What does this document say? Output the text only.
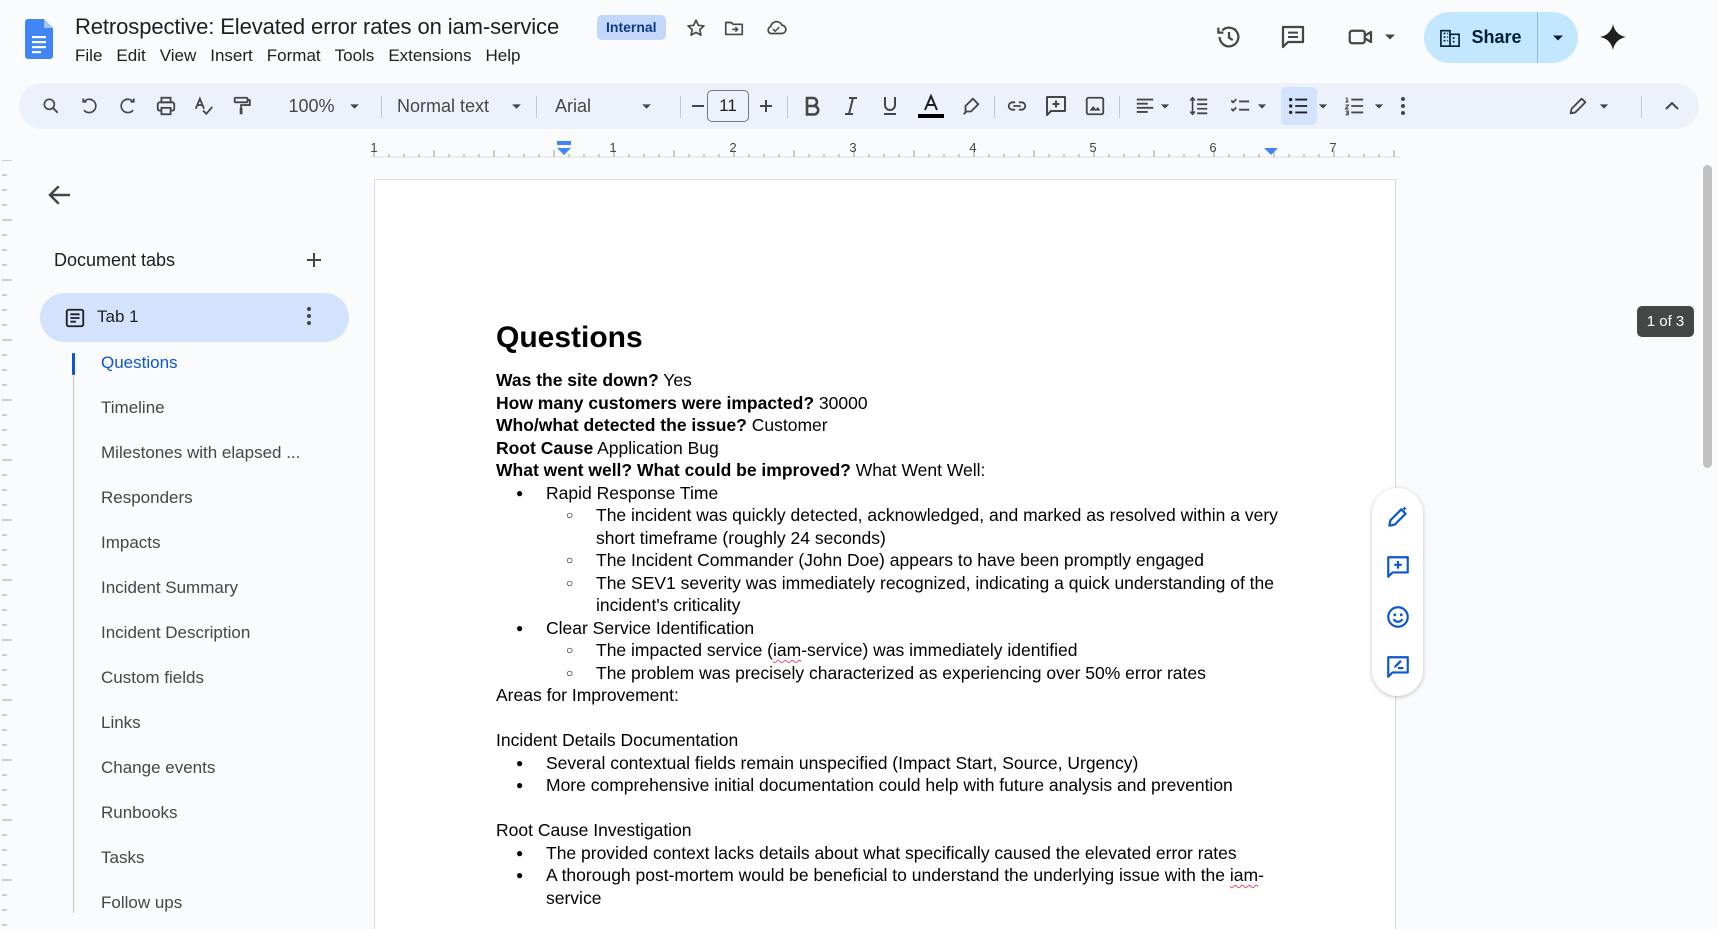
Retrospective: Elevated error rates on iam-service	Internal
File Edit View Insert Format Tools Extensions Help
Share
100%	Normal text	Arial	11
1	1	2	3	4	5	6	7
Document tabs
Tab 1
Questions
Timeline
Milestones with elapsed ...
Responders
Impacts
Incident Summary
Incident Description
Custom fields
Links
Change events
Runbooks
Tasks
Follow ups
Questions
Was the site down? Yes
How many customers were impacted? 30000
Who/what detected the issue? Customer
Root Cause Application Bug
What went well? What could be improved? What Went Well:
● Rapid Response Time
○ The incident was quickly detected, acknowledged, and marked as resolved within a very short timeframe (roughly 24 seconds)
○ The Incident Commander (John Doe) appears to have been promptly engaged
○ The SEV1 severity was immediately recognized, indicating a quick understanding of the incident's criticality
● Clear Service Identification
○ The impacted service (iam-service) was immediately identified
○ The problem was precisely characterized as experiencing over 50% error rates
Areas for Improvement:
Incident Details Documentation
● Several contextual fields remain unspecified (Impact Start, Source, Urgency)
● More comprehensive initial documentation could help with future analysis and prevention
Root Cause Investigation
● The provided context lacks details about what specifically caused the elevated error rates
● A thorough post-mortem would be beneficial to understand the underlying issue with the iam-service
1 of 3
